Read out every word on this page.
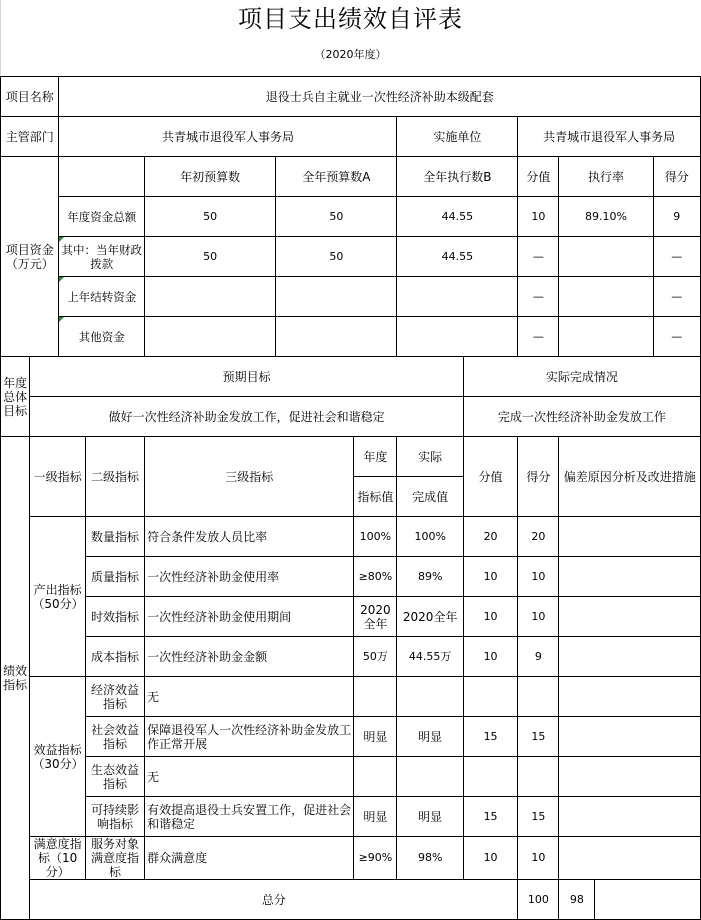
项目支出绩效自评表
（2020年度）
项目名称		退役士兵自主就业一次性经济补助本级配套										
主管部门		共青城市退役军人事务局					实施单位		共青城市退役军人事务局			
项目资金（万元）				年初预算数	全年预算数A		全年执行数B		分值	执行率		得分
		年度资金总额		50	50		44.55		10	89.10%		9
		其中：当年财政拨款		50	50		44.55		—			—
		上年结转资金							—			—
		其他资金							—			—
年度总体目标	预期目标							实际完成情况				
	做好一次性经济补助金发放工作，促进社会和谐稳定							完成一次性经济补助金发放工作				
绩效指标	一级指标		二级指标	三级指标		年度	实际	分值	得分	偏差原因分析及改进措施		
						指标值	完成值					
	产出指标（50分）		数量指标	符合条件发放人员比率		100%	100%	20	20			
			质量指标	一次性经济补助金使用率		≥80%	89%	10	10			
			时效指标	一次性经济补助金使用期间		2020全年	2020全年	10	10			
			成本指标	一次性经济补助金金额		50万	44.55万	10	9			
	效益指标（30分）		经济效益指标	无								
			社会效益指标	保障退役军人一次性经济补助金发放工作正常开展		明显	明显	15	15			
			生态效益指标	无								
			可持续影响指标	有效提高退役士兵安置工作，促进社会和谐稳定		明显	明显	15	15			
	满意度指标（10分）		服务对象满意度指标	群众满意度		≥90%	98%	10	10			
	总分								100	98		
